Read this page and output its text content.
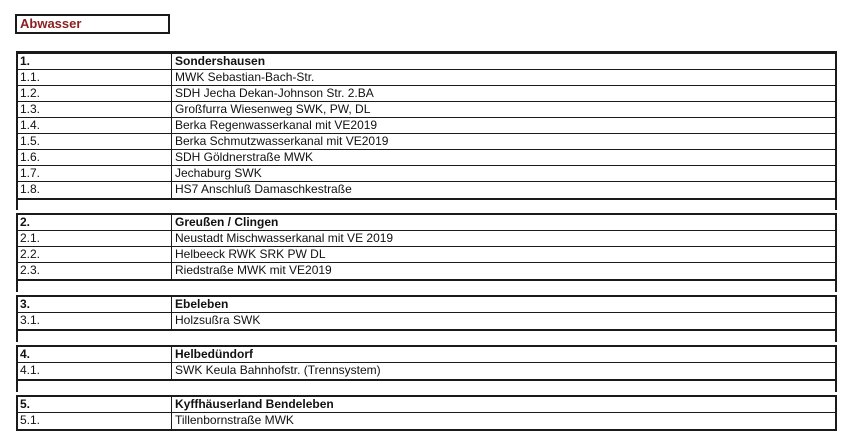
Abwasser
1.	Sondershausen
1.1.	MWK Sebastian-Bach-Str.
1.2.	SDH Jecha Dekan-Johnson Str. 2.BA
1.3.	Großfurra Wiesenweg SWK, PW, DL
1.4.	Berka Regenwasserkanal mit VE2019
1.5.	Berka Schmutzwasserkanal mit VE2019
1.6.	SDH Göldnerstraße MWK
1.7.	Jechaburg SWK
1.8.	HS7 Anschluß Damaschkestraße
2.	Greußen / Clingen
2.1.	Neustadt Mischwasserkanal mit VE 2019
2.2.	Helbeeck RWK SRK PW DL
2.3.	Riedstraße MWK mit VE2019
3.	Ebeleben
3.1.	Holzsußra SWK
4.	Helbedündorf
4.1.	SWK Keula Bahnhofstr. (Trennsystem)
5.	Kyffhäuserland Bendeleben
5.1.	Tillenbornstraße MWK
